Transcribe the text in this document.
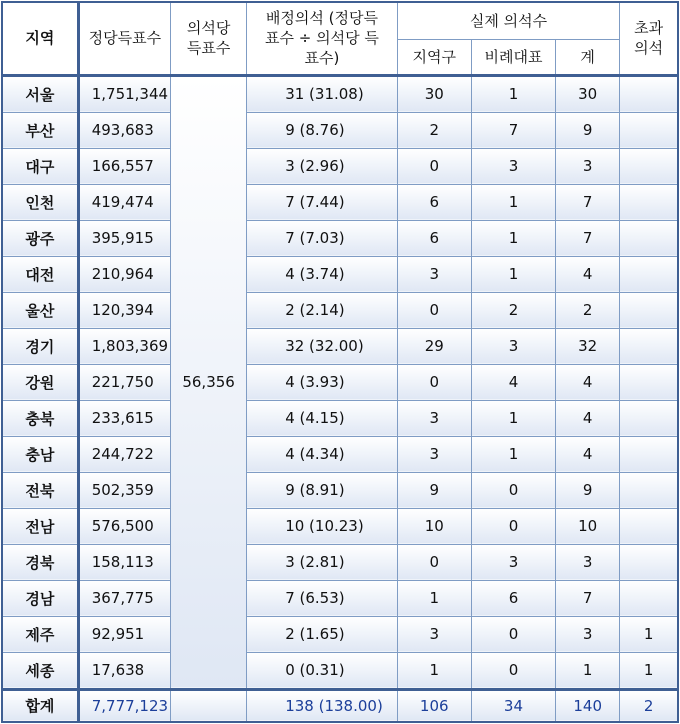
지역	정당득표수	의석당 득표수	배정의석 (정당득표수 ÷ 의석당 득표수)	실제 의석수			초과 의석
				지역구	비례대표	계	
서울	1,751,344	56,356	31 (31.08)	30	1	30	
부산	493,683		9 (8.76)	2	7	9	
대구	166,557		3 (2.96)	0	3	3	
인천	419,474		7 (7.44)	6	1	7	
광주	395,915		7 (7.03)	6	1	7	
대전	210,964		4 (3.74)	3	1	4	
울산	120,394		2 (2.14)	0	2	2	
경기	1,803,369		32 (32.00)	29	3	32	
강원	221,750		4 (3.93)	0	4	4	
충북	233,615		4 (4.15)	3	1	4	
충남	244,722		4 (4.34)	3	1	4	
전북	502,359		9 (8.91)	9	0	9	
전남	576,500		10 (10.23)	10	0	10	
경북	158,113		3 (2.81)	0	3	3	
경남	367,775		7 (6.53)	1	6	7	
제주	92,951		2 (1.65)	3	0	3	1
세종	17,638		0 (0.31)	1	0	1	1
합계	7,777,123		138 (138.00)	106	34	140	2
